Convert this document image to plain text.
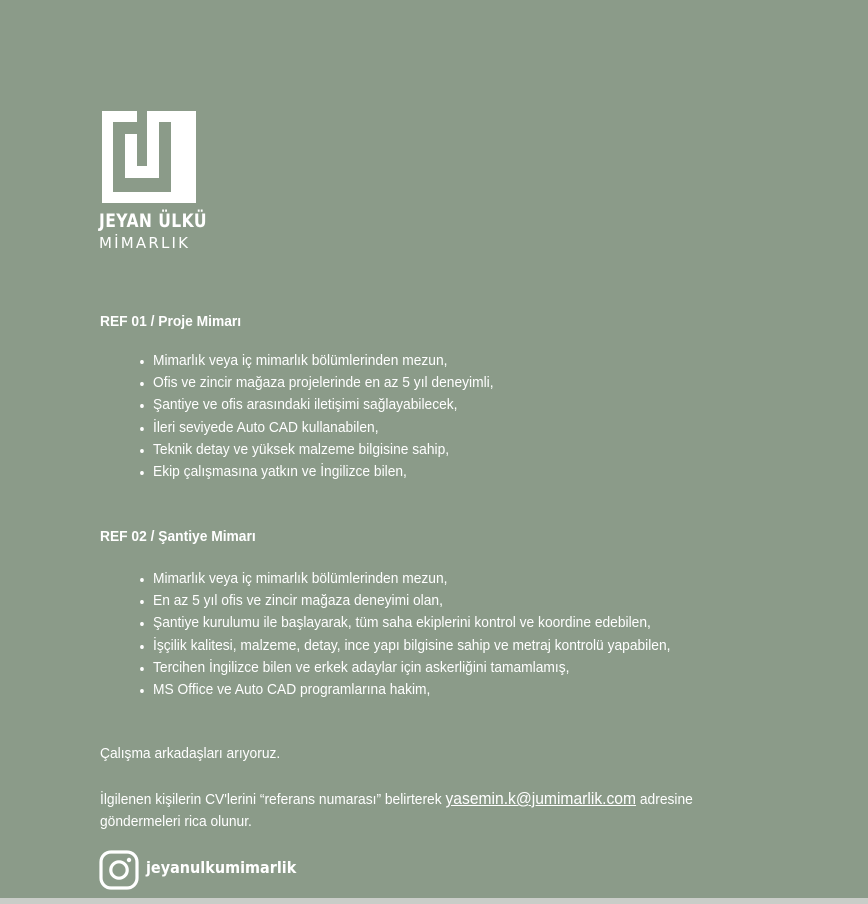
JEYAN ÜLKÜ
MİMARLIK
REF 01 / Proje Mimarı
• Mimarlık veya iç mimarlık bölümlerinden mezun,
• Ofis ve zincir mağaza projelerinde en az 5 yıl deneyimli,
• Şantiye ve ofis arasındaki iletişimi sağlayabilecek,
• İleri seviyede Auto CAD kullanabilen,
• Teknik detay ve yüksek malzeme bilgisine sahip,
• Ekip çalışmasına yatkın ve İngilizce bilen,
REF 02 / Şantiye Mimarı
• Mimarlık veya iç mimarlık bölümlerinden mezun,
• En az 5 yıl ofis ve zincir mağaza deneyimi olan,
• Şantiye kurulumu ile başlayarak, tüm saha ekiplerini kontrol ve koordine edebilen,
• İşçilik kalitesi, malzeme, detay, ince yapı bilgisine sahip ve metraj kontrolü yapabilen,
• Tercihen İngilizce bilen ve erkek adaylar için askerliğini tamamlamış,
• MS Office ve Auto CAD programlarına hakim,
Çalışma arkadaşları arıyoruz.
İlgilenen kişilerin CV'lerini “referans numarası” belirterek yasemin.k@jumimarlik.com adresine
göndermeleri rica olunur.
jeyanulkumimarlik
